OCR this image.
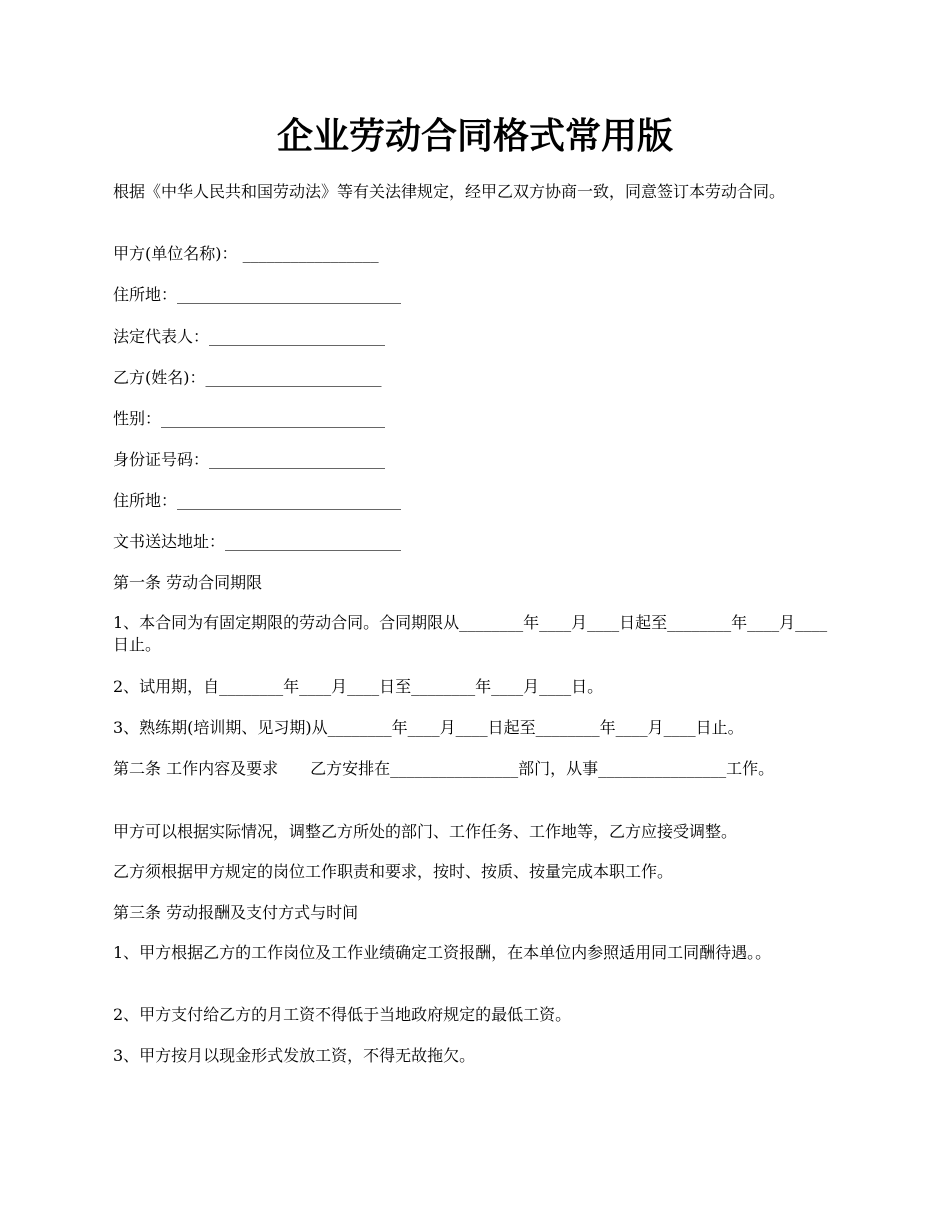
企业劳动合同格式常用版

根据《中华人民共和国劳动法》等有关法律规定，经甲乙双方协商一致，同意签订本劳动合同。

甲方(单位名称)： _________________

住所地：____________________________

法定代表人：______________________

乙方(姓名)：______________________

性别：____________________________

身份证号码：______________________

住所地：____________________________

文书送达地址：______________________

第一条 劳动合同期限

1、本合同为有固定期限的劳动合同。合同期限从________年____月____日起至________年____月____日止。

2、试用期，自________年____月____日至________年____月____日。

3、熟练期(培训期、见习期)从________年____月____日起至________年____月____日止。

第二条 工作内容及要求　　乙方安排在________________部门，从事________________工作。

甲方可以根据实际情况，调整乙方所处的部门、工作任务、工作地等，乙方应接受调整。

乙方须根据甲方规定的岗位工作职责和要求，按时、按质、按量完成本职工作。

第三条 劳动报酬及支付方式与时间

1、甲方根据乙方的工作岗位及工作业绩确定工资报酬，在本单位内参照适用同工同酬待遇。。

2、甲方支付给乙方的月工资不得低于当地政府规定的最低工资。

3、甲方按月以现金形式发放工资，不得无故拖欠。
